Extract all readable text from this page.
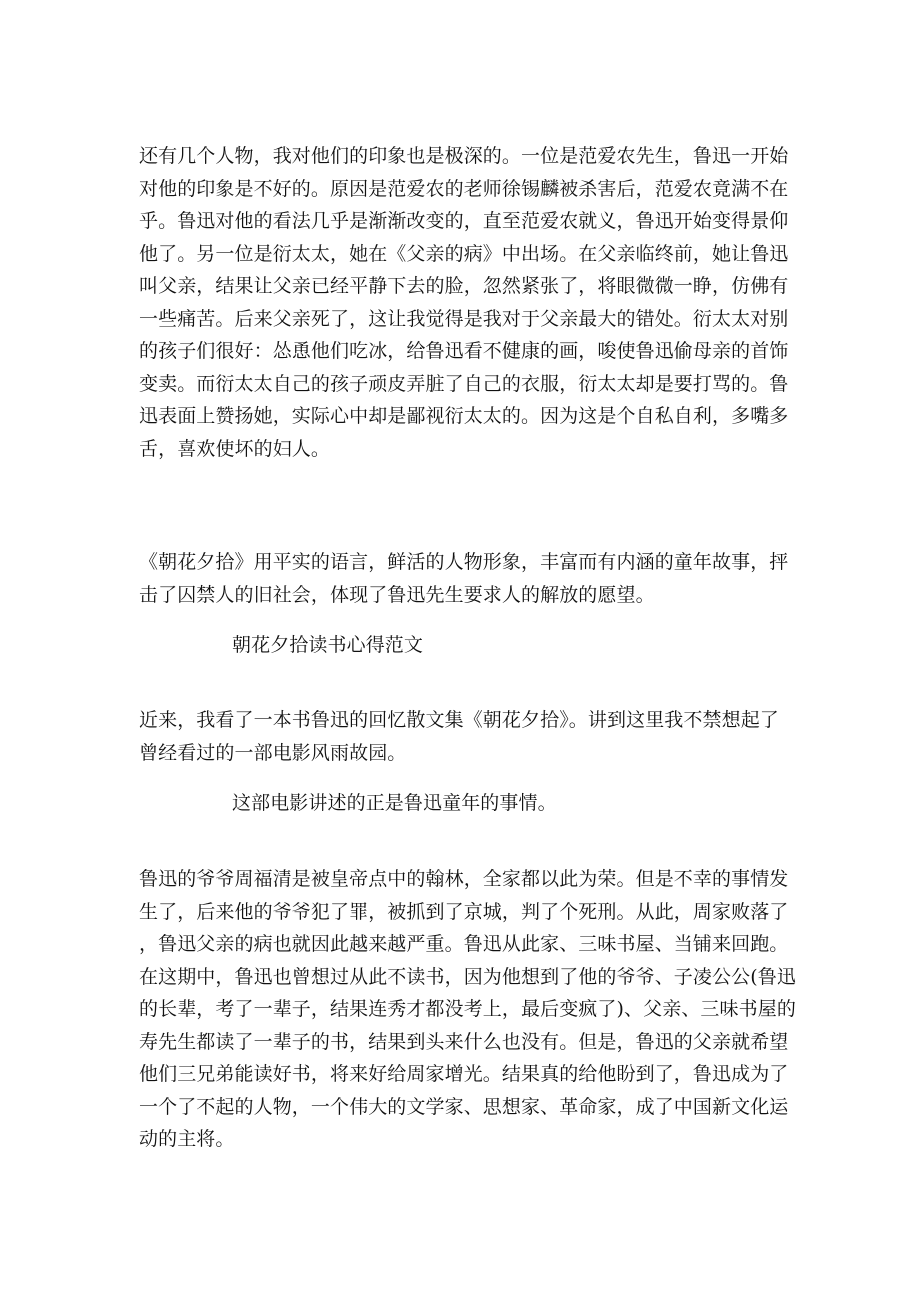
还有几个人物，我对他们的印象也是极深的。一位是范爱农先生，鲁迅一开始
对他的印象是不好的。原因是范爱农的老师徐锡麟被杀害后，范爱农竟满不在
乎。鲁迅对他的看法几乎是渐渐改变的，直至范爱农就义，鲁迅开始变得景仰
他了。另一位是衍太太，她在《父亲的病》中出场。在父亲临终前，她让鲁迅
叫父亲，结果让父亲已经平静下去的脸，忽然紧张了，将眼微微一睁，仿佛有
一些痛苦。后来父亲死了，这让我觉得是我对于父亲最大的错处。衍太太对别
的孩子们很好：怂恿他们吃冰，给鲁迅看不健康的画，唆使鲁迅偷母亲的首饰
变卖。而衍太太自己的孩子顽皮弄脏了自己的衣服，衍太太却是要打骂的。鲁
迅表面上赞扬她，实际心中却是鄙视衍太太的。因为这是个自私自利，多嘴多
舌，喜欢使坏的妇人。
《朝花夕拾》用平实的语言，鲜活的人物形象，丰富而有内涵的童年故事，抨
击了囚禁人的旧社会，体现了鲁迅先生要求人的解放的愿望。
朝花夕拾读书心得范文
近来，我看了一本书鲁迅的回忆散文集《朝花夕拾》。讲到这里我不禁想起了
曾经看过的一部电影风雨故园。
这部电影讲述的正是鲁迅童年的事情。
鲁迅的爷爷周福清是被皇帝点中的翰林，全家都以此为荣。但是不幸的事情发
生了，后来他的爷爷犯了罪，被抓到了京城，判了个死刑。从此，周家败落了
，鲁迅父亲的病也就因此越来越严重。鲁迅从此家、三味书屋、当铺来回跑。
在这期中，鲁迅也曾想过从此不读书，因为他想到了他的爷爷、子凌公公(鲁迅
的长辈，考了一辈子，结果连秀才都没考上，最后变疯了)、父亲、三味书屋的
寿先生都读了一辈子的书，结果到头来什么也没有。但是，鲁迅的父亲就希望
他们三兄弟能读好书，将来好给周家增光。结果真的给他盼到了，鲁迅成为了
一个了不起的人物，一个伟大的文学家、思想家、革命家，成了中国新文化运
动的主将。
